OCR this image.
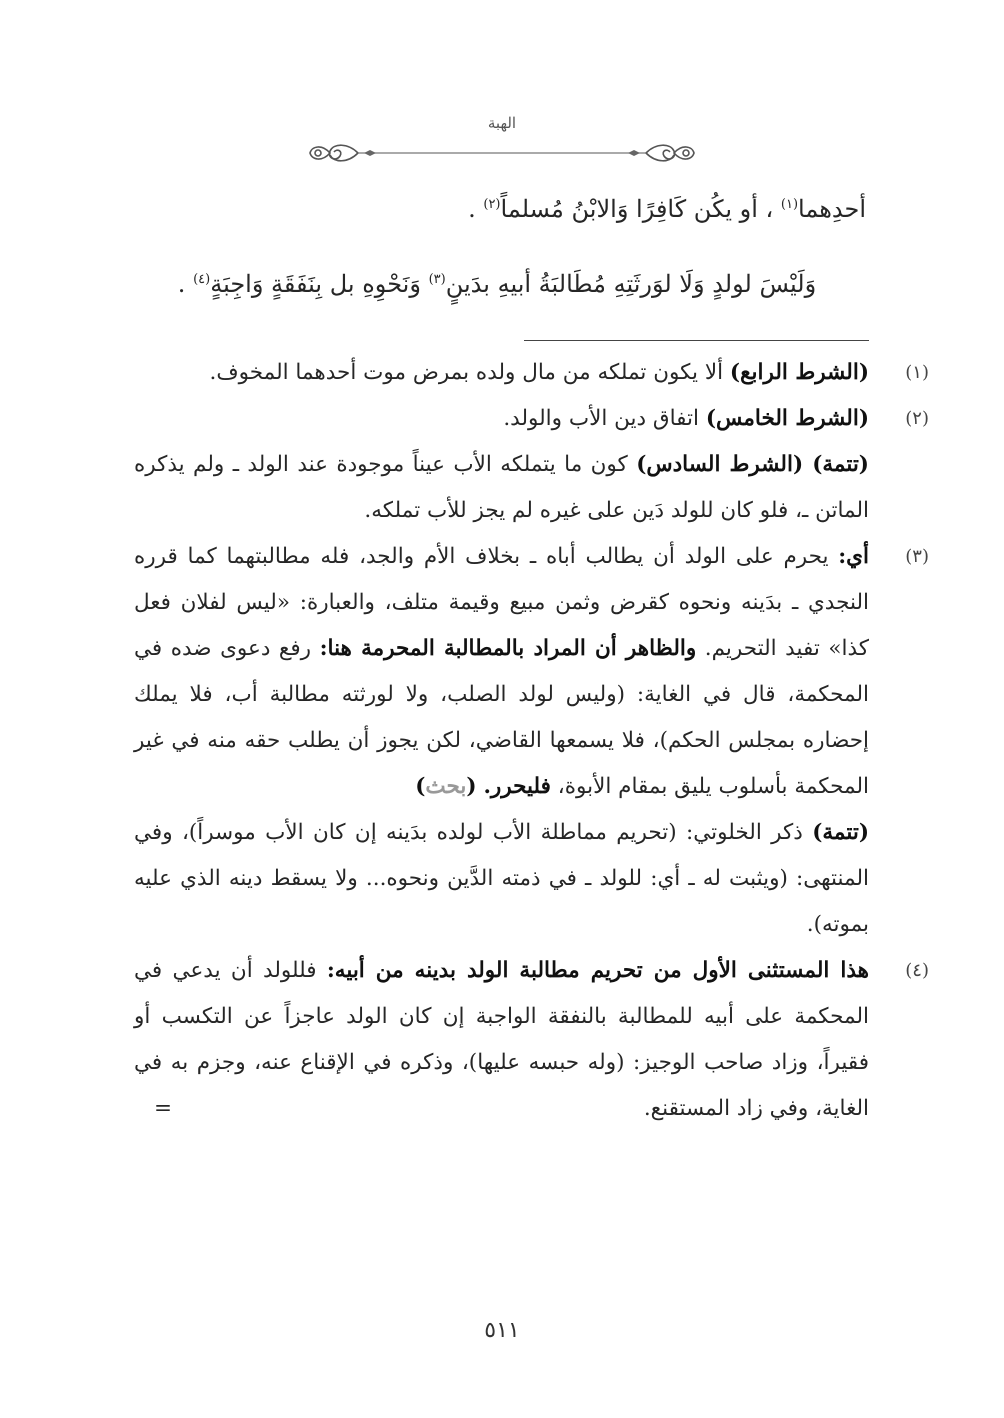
الهبة
أحدِهما$^{(١)}$ ، أو يكُن كَافِرًا وَالابْنُ مُسلماً$^{(٢)}$ .
وَلَيْسَ لولدٍ وَلَا لوَرثَتِهِ مُطَالبَةُ أبيهِ بدَينٍ$^{(٣)}$ وَنَحْوِهِ بل بِنَفَقَةٍ وَاجِبَةٍ$^{(٤)}$ .
(١)
(الشرط الرابع) ألا يكون تملكه من مال ولده بمرض موت أحدهما المخوف.
(٢)
(الشرط الخامس) اتفاق دين الأب والولد.
(تتمة) (الشرط السادس) كون ما يتملكه الأب عيناً موجودة عند الولد ـ ولم يذكره الماتن ـ، فلو كان للولد دَين على غيره لم يجز للأب تملكه.
(٣)
أي: يحرم على الولد أن يطالب أباه ـ بخلاف الأم والجد، فله مطالبتهما كما قرره النجدي ـ بدَينه ونحوه كقرض وثمن مبيع وقيمة متلف، والعبارة: «ليس لفلان فعل كذا» تفيد التحريم. والظاهر أن المراد بالمطالبة المحرمة هنا: رفع دعوى ضده في المحكمة، قال في الغاية: (وليس لولد الصلب، ولا لورثته مطالبة أب، فلا يملك إحضاره بمجلس الحكم)، فلا يسمعها القاضي، لكن يجوز أن يطلب حقه منه في غير المحكمة بأسلوب يليق بمقام الأبوة، فليحرر. (بحث)
(تتمة) ذكر الخلوتي: (تحريم مماطلة الأب لولده بدَينه إن كان الأب موسراً)، وفي المنتهى: (ويثبت له ـ أي: للولد ـ في ذمته الدَّين ونحوه... ولا يسقط دينه الذي عليه بموته).
(٤)
هذا المستثنى الأول من تحريم مطالبة الولد بدينه من أبيه: فللولد أن يدعي في المحكمة على أبيه للمطالبة بالنفقة الواجبة إن كان الولد عاجزاً عن التكسب أو فقيراً، وزاد صاحب الوجيز: (وله حبسه عليها)، وذكره في الإقناع عنه، وجزم به في الغاية، وفي زاد المستقنع.
=
٥١١
